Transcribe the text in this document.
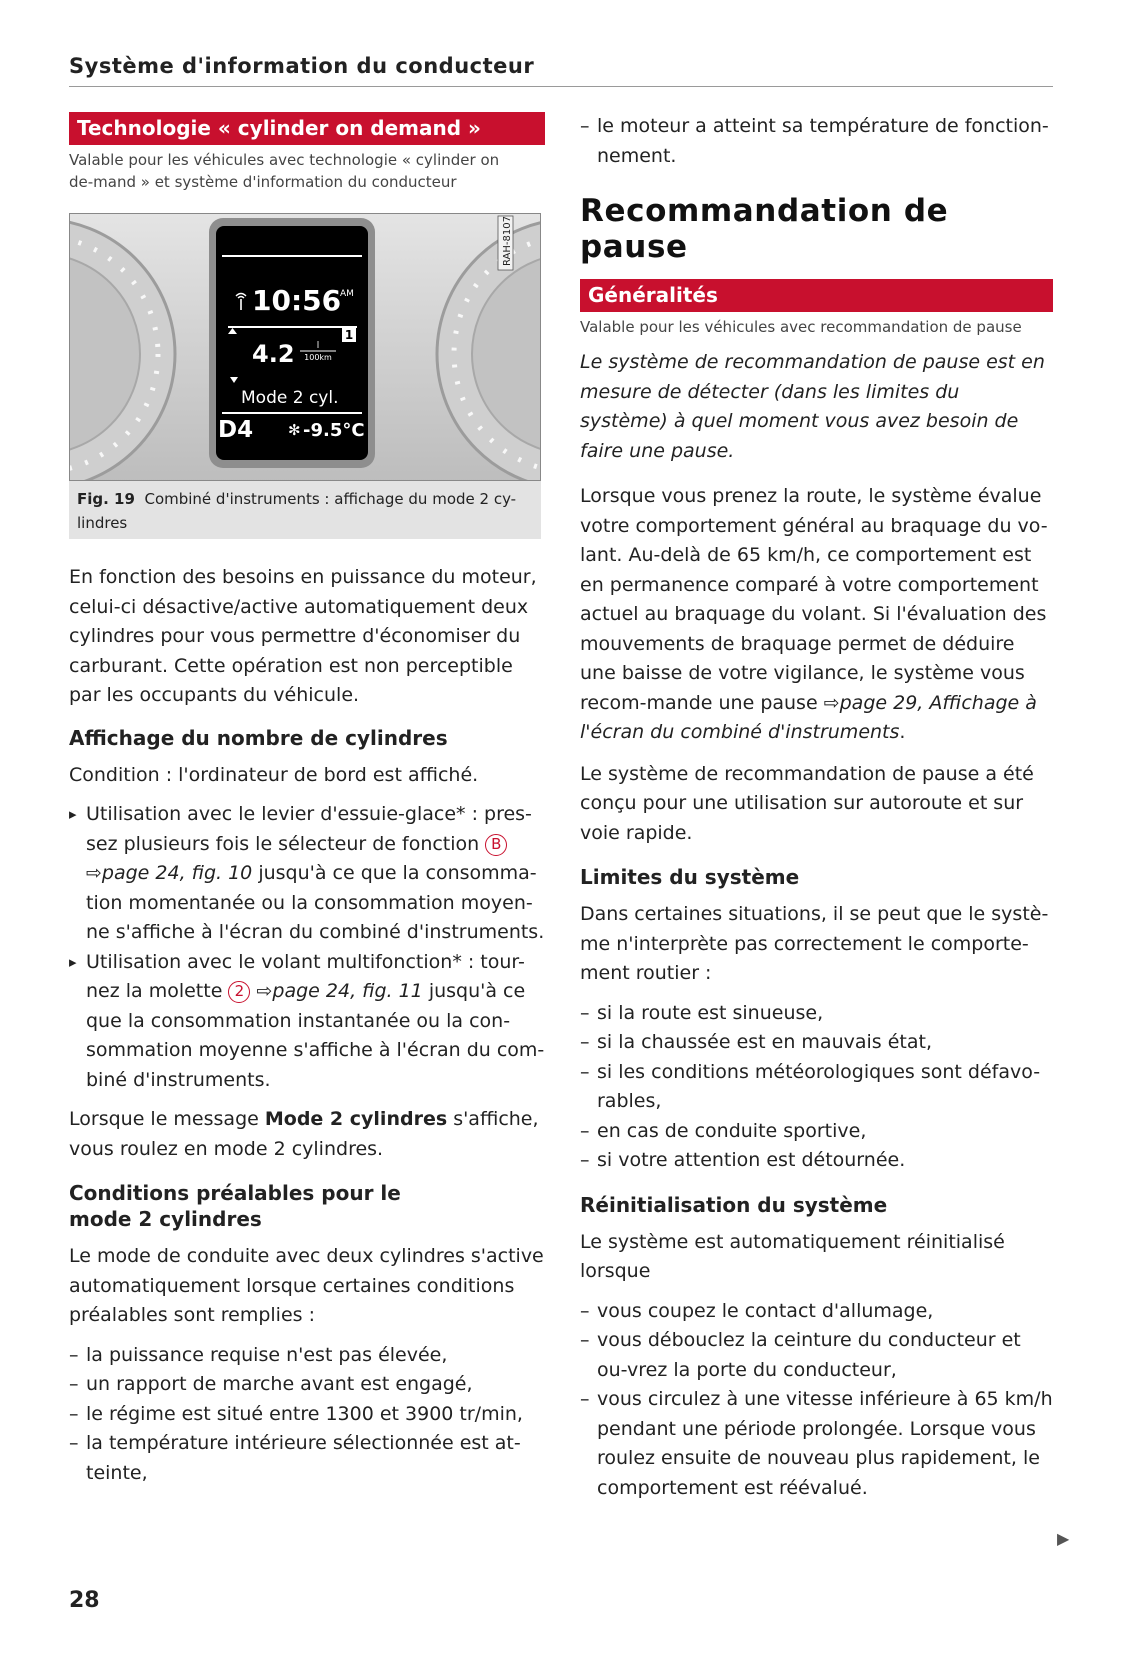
Système d'information du conducteur
Technologie « cylinder on demand »
Valable pour les véhicules avec technologie « cylinder on de-mand » et système d'information du conducteur
10:56
AM
1
4.2 l
100km
Mode 2 cyl.
D4 ✻ -9.5°C
RAH-8107
Fig. 19 Combiné d'instruments : affichage du mode 2 cy-lindres

En fonction des besoins en puissance du moteur, celui-ci désactive/active automatiquement deux cylindres pour vous permettre d'économiser du carburant. Cette opération est non perceptible par les occupants du véhicule.

Affichage du nombre de cylindres

Condition : l'ordinateur de bord est affiché.

▸ Utilisation avec le levier d'essuie-glace* : pres-sez plusieurs fois le sélecteur de fonction B ⇨page 24, fig. 10 jusqu'à ce que la consomma-tion momentanée ou la consommation moyen-ne s'affiche à l'écran du combiné d'instruments.
▸ Utilisation avec le volant multifonction* : tour-nez la molette 2 ⇨page 24, fig. 11 jusqu'à ce que la consommation instantanée ou la con-sommation moyenne s'affiche à l'écran du com-biné d'instruments.

Lorsque le message Mode 2 cylindres s'affiche, vous roulez en mode 2 cylindres.

Conditions préalables pour le mode 2 cylindres

Le mode de conduite avec deux cylindres s'active automatiquement lorsque certaines conditions préalables sont remplies :

– la puissance requise n'est pas élevée,
– un rapport de marche avant est engagé,
– le régime est situé entre 1300 et 3900 tr/min,
– la température intérieure sélectionnée est at-teinte,
– le moteur a atteint sa température de fonction-nement.
Recommandation de pause
Généralités
Valable pour les véhicules avec recommandation de pause

Le système de recommandation de pause est en mesure de détecter (dans les limites du système) à quel moment vous avez besoin de faire une pause.

Lorsque vous prenez la route, le système évalue votre comportement général au braquage du vo-lant. Au-delà de 65 km/h, ce comportement est en permanence comparé à votre comportement actuel au braquage du volant. Si l'évaluation des mouvements de braquage permet de déduire une baisse de votre vigilance, le système vous recom-mande une pause ⇨page 29, Affichage à l'écran du combiné d'instruments.

Le système de recommandation de pause a été conçu pour une utilisation sur autoroute et sur voie rapide.

Limites du système

Dans certaines situations, il se peut que le systè-me n'interprète pas correctement le comporte-ment routier :

– si la route est sinueuse,
– si la chaussée est en mauvais état,
– si les conditions météorologiques sont défavo-rables,
– en cas de conduite sportive,
– si votre attention est détournée.
Réinitialisation du système

Le système est automatiquement réinitialisé lorsque

– vous coupez le contact d'allumage,
– vous débouclez la ceinture du conducteur et ou-vrez la porte du conducteur,
– vous circulez à une vitesse inférieure à 65 km/h pendant une période prolongée. Lorsque vous roulez ensuite de nouveau plus rapidement, le comportement est réévalué.
▶
28
